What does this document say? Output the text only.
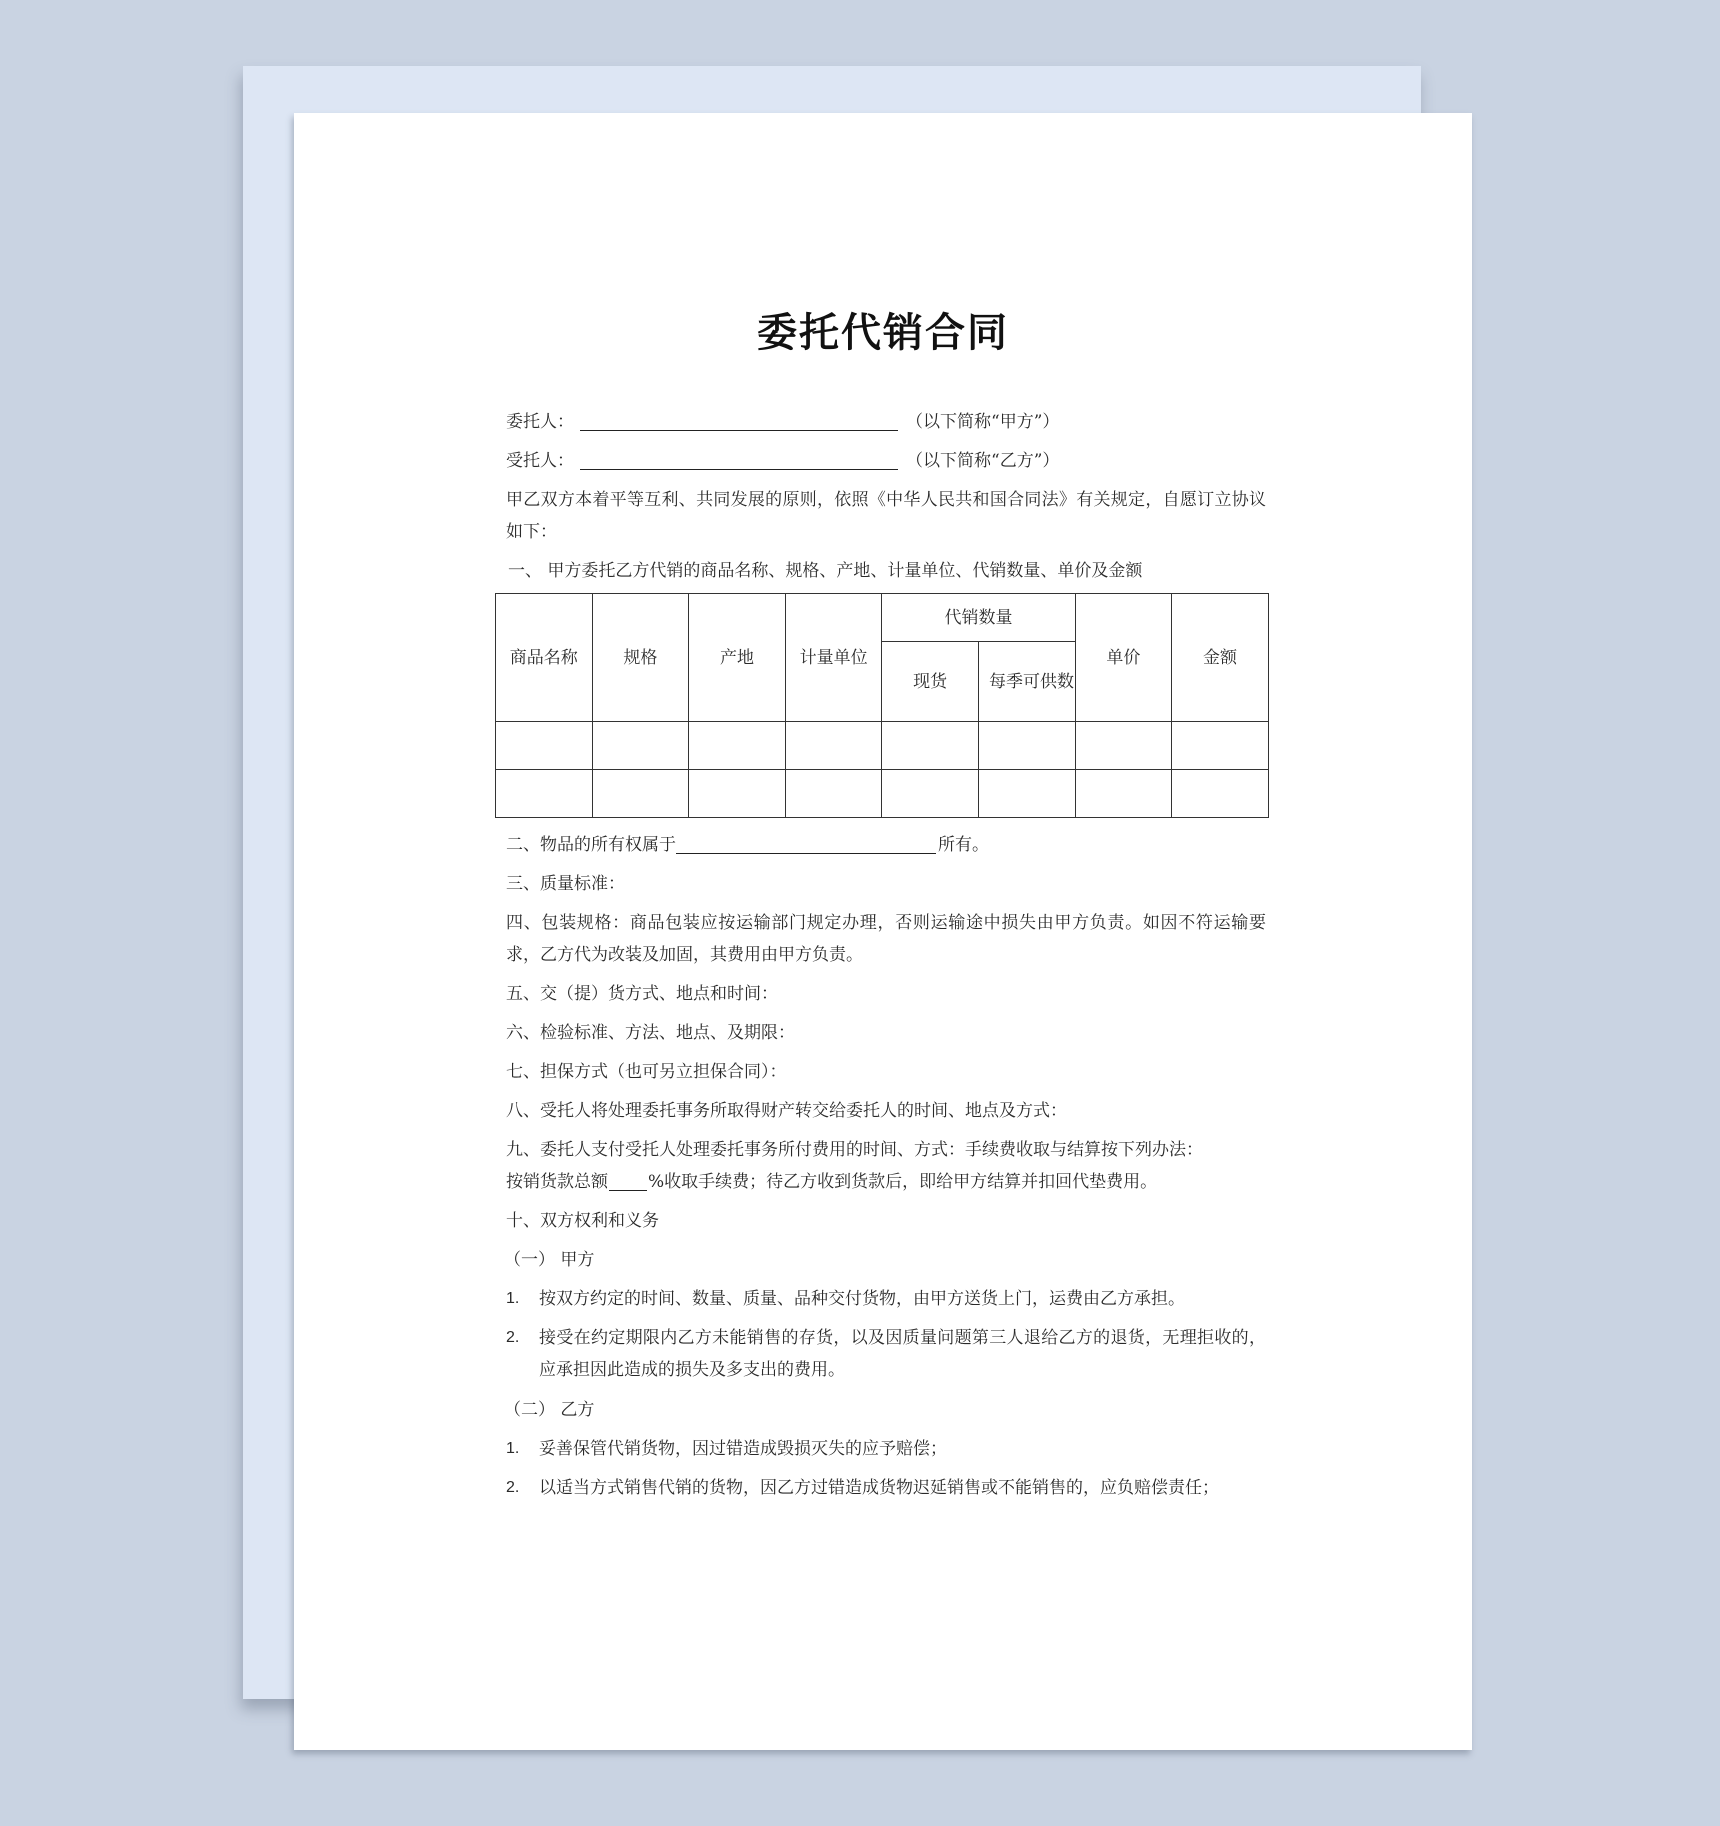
委托代销合同
委托人：	（以下简称“甲方”）
受托人：	（以下简称“乙方”）
甲乙双方本着平等互利、共同发展的原则，依照《中华人民共和国合同法》有关规定，自愿订立协议如下：
一、 甲方委托乙方代销的商品名称、规格、产地、计量单位、代销数量、单价及金额
商品名称	规格	产地	计量单位	代销数量		单价	金额
				现货	每季可供数		

二、物品的所有权属于	所有。
三、质量标准：
四、包装规格：商品包装应按运输部门规定办理，否则运输途中损失由甲方负责。如因不符运输要求，乙方代为改装及加固，其费用由甲方负责。
五、交（提）货方式、地点和时间：
六、检验标准、方法、地点、及期限：
七、担保方式（也可另立担保合同）：
八、受托人将处理委托事务所取得财产转交给委托人的时间、地点及方式：
九、委托人支付受托人处理委托事务所付费用的时间、方式：手续费收取与结算按下列办法：
按销货款总额 %收取手续费；待乙方收到货款后，即给甲方结算并扣回代垫费用。
十、双方权利和义务
（一） 甲方
1. 按双方约定的时间、数量、质量、品种交付货物，由甲方送货上门，运费由乙方承担。
2. 接受在约定期限内乙方未能销售的存货，以及因质量问题第三人退给乙方的退货，无理拒收的，应承担因此造成的损失及多支出的费用。
（二） 乙方
1. 妥善保管代销货物，因过错造成毁损灭失的应予赔偿；
2. 以适当方式销售代销的货物，因乙方过错造成货物迟延销售或不能销售的，应负赔偿责任；
